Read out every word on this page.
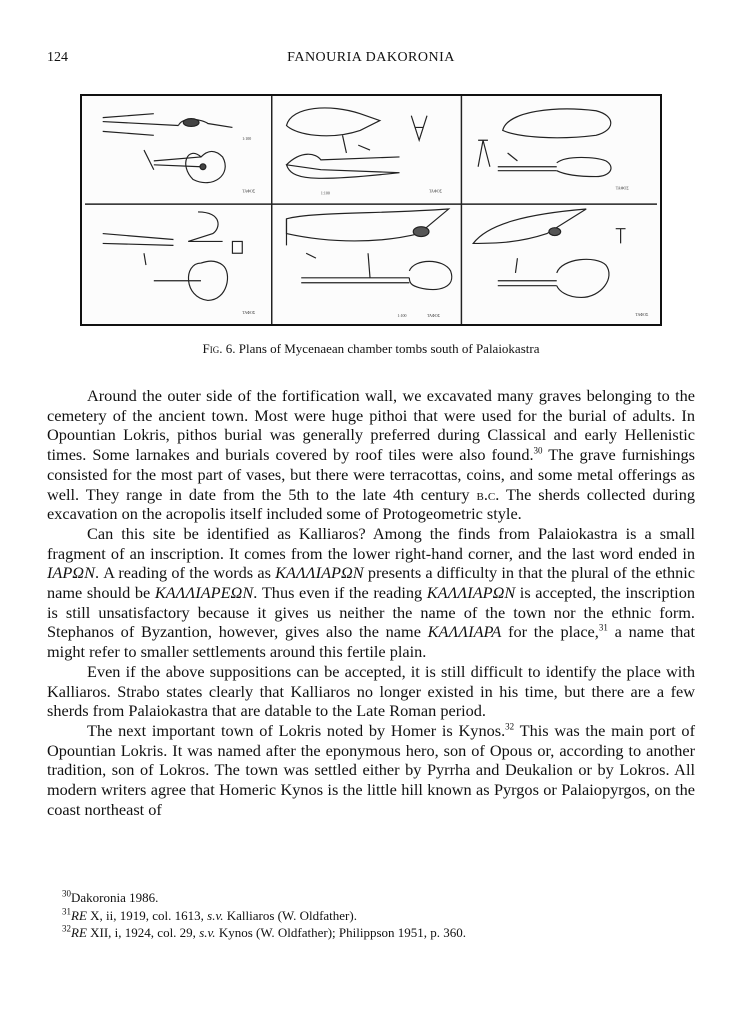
124	FANOURIA DAKORONIA
1:100
TAΦΟΣ	1:100	TAΦΟΣ
TAΦΟΣ
TAΦΟΣ
1:100	TAΦΟΣ	TAΦΟΣ
Fig. 6. Plans of Mycenaean chamber tombs south of Palaiokastra

Around the outer side of the fortification wall, we excavated many graves belonging to the cemetery of the ancient town. Most were huge pithoi that were used for the burial of adults. In Opountian Lokris, pithos burial was generally preferred during Classical and early Hellenistic times. Some larnakes and burials covered by roof tiles were also found.$^{30}$ The grave furnishings consisted for the most part of vases, but there were terracottas, coins, and some metal offerings as well. They range in date from the 5th to the late 4th century b.c. The sherds collected during excavation on the acropolis itself included some of Protogeometric style.

Can this site be identified as Kalliaros? Among the finds from Palaiokastra is a small fragment of an inscription. It comes from the lower right-hand corner, and the last word ended in ΙΑΡΩΝ. A reading of the words as ΚΑΛΛΙΑΡΩΝ presents a difficulty in that the plural of the ethnic name should be ΚΑΛΛΙΑΡΕΩΝ. Thus even if the reading ΚΑΛΛΙΑΡΩΝ is accepted, the inscription is still unsatisfactory because it gives us neither the name of the town nor the ethnic form. Stephanos of Byzantion, however, gives also the name ΚΑΛΛΙΑΡΑ for the place,$^{31}$ a name that might refer to smaller settlements around this fertile plain.

Even if the above suppositions can be accepted, it is still difficult to identify the place with Kalliaros. Strabo states clearly that Kalliaros no longer existed in his time, but there are a few sherds from Palaiokastra that are datable to the Late Roman period.

The next important town of Lokris noted by Homer is Kynos.$^{32}$ This was the main port of Opountian Lokris. It was named after the eponymous hero, son of Opous or, according to another tradition, son of Lokros. The town was settled either by Pyrrha and Deukalion or by Lokros. All modern writers agree that Homeric Kynos is the little hill known as Pyrgos or Palaiopyrgos, on the coast northeast of

$^{30}$Dakoronia 1986.
$^{31}$RE X, ii, 1919, col. 1613, s.v. Kalliaros (W. Oldfather).
$^{32}$RE XII, i, 1924, col. 29, s.v. Kynos (W. Oldfather); Philippson 1951, p. 360.
